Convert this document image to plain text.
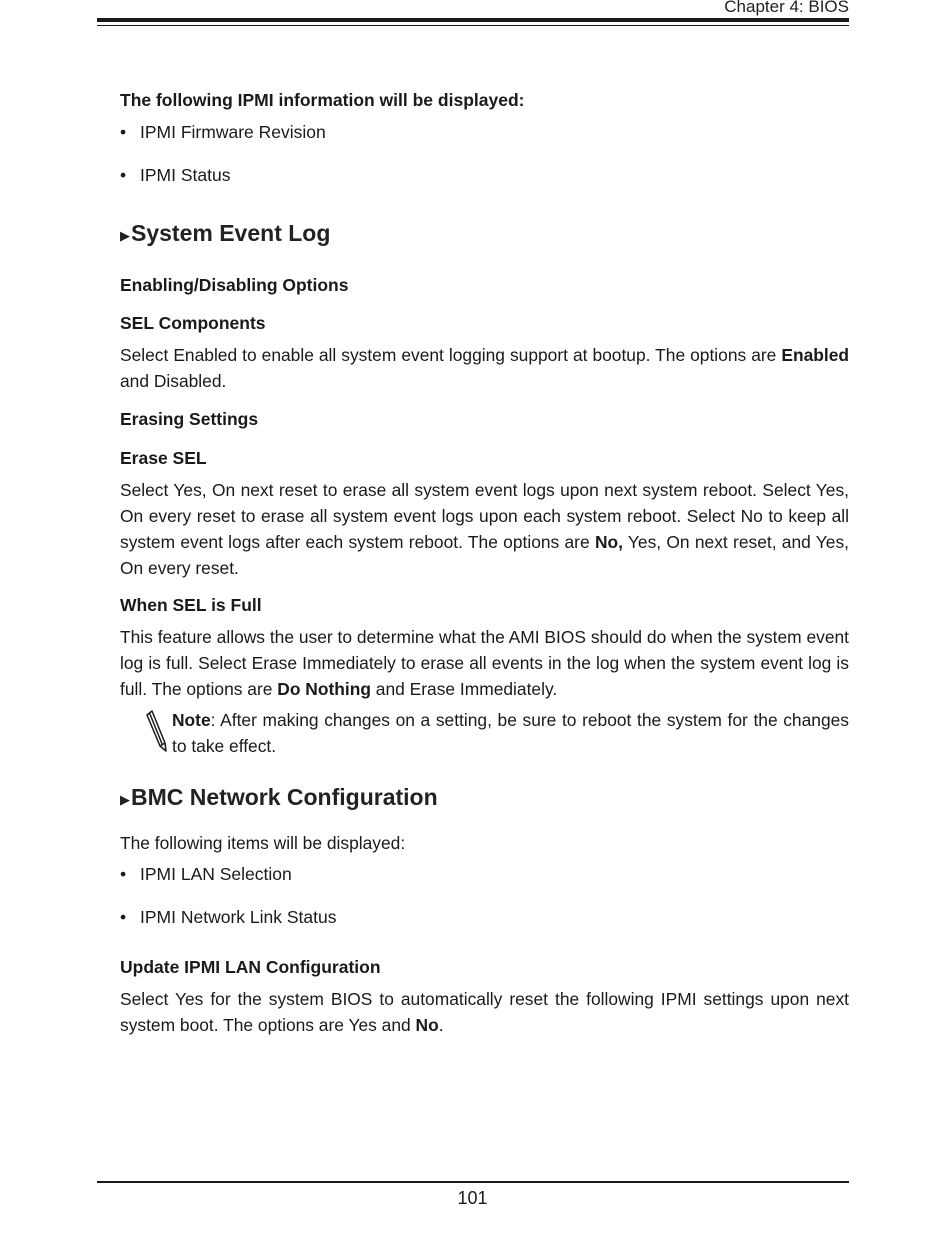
Chapter 4: BIOS
The following IPMI information will be displayed:
• IPMI Firmware Revision
• IPMI Status
▶System Event Log
Enabling/Disabling Options
SEL Components
Select Enabled to enable all system event logging support at bootup. The options are Enabled and Disabled.
Erasing Settings
Erase SEL
Select Yes, On next reset to erase all system event logs upon next system reboot. Select Yes, On every reset to erase all system event logs upon each system reboot. Select No to keep all system event logs after each system reboot. The options are No, Yes, On next reset, and Yes, On every reset.
When SEL is Full
This feature allows the user to determine what the AMI BIOS should do when the system event log is full. Select Erase Immediately to erase all events in the log when the system event log is full. The options are Do Nothing and Erase Immediately.
Note: After making changes on a setting, be sure to reboot the system for the changes to take effect.
▶BMC Network Configuration
The following items will be displayed:
• IPMI LAN Selection
• IPMI Network Link Status
Update IPMI LAN Configuration
Select Yes for the system BIOS to automatically reset the following IPMI settings upon next system boot. The options are Yes and No.
101
